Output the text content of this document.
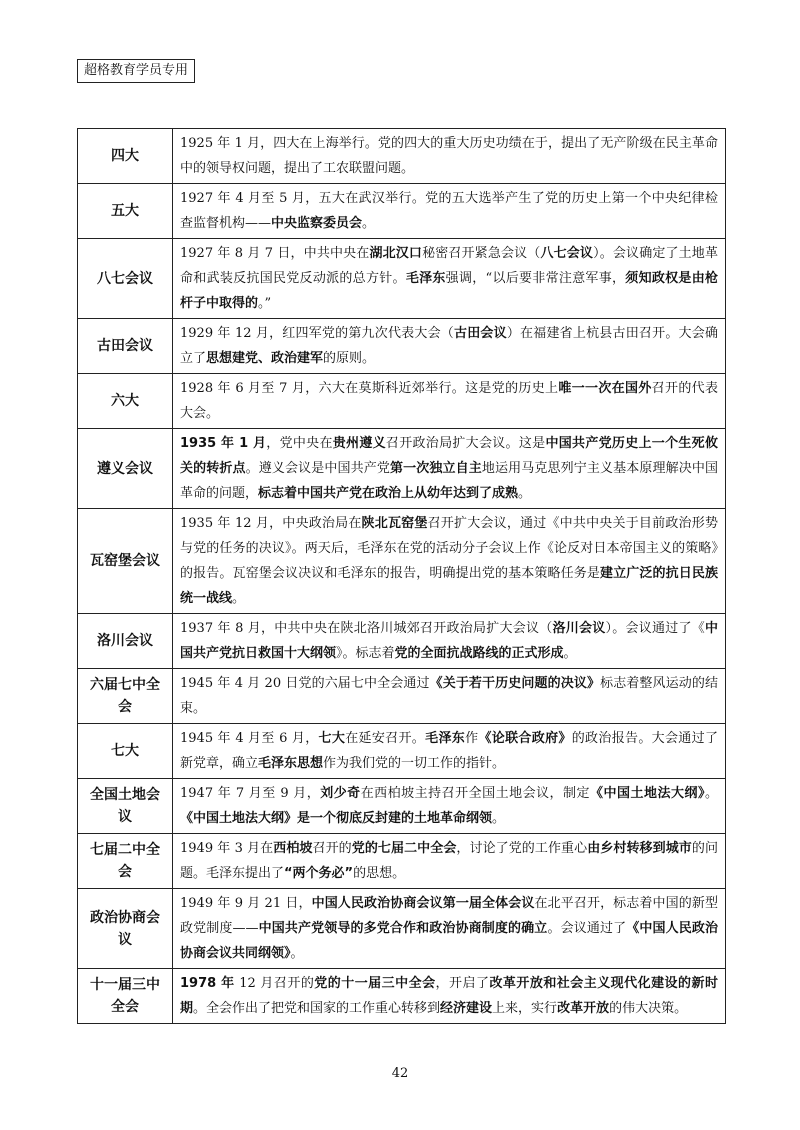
超格教育学员专用
四大	1925 年 1 月，四大在上海举行。党的四大的重大历史功绩在于，提出了无产阶级在民主革命中的领导权问题，提出了工农联盟问题。
五大	1927 年 4 月至 5 月，五大在武汉举行。党的五大选举产生了党的历史上第一个中央纪律检查监督机构——中央监察委员会。
八七会议	1927 年 8 月 7 日，中共中央在湖北汉口秘密召开紧急会议（八七会议）。会议确定了土地革命和武装反抗国民党反动派的总方针。毛泽东强调，“以后要非常注意军事，须知政权是由枪杆子中取得的。”
古田会议	1929 年 12 月，红四军党的第九次代表大会（古田会议）在福建省上杭县古田召开。大会确立了思想建党、政治建军的原则。
六大	1928 年 6 月至 7 月，六大在莫斯科近郊举行。这是党的历史上唯一一次在国外召开的代表大会。
遵义会议	1935 年 1 月，党中央在贵州遵义召开政治局扩大会议。这是中国共产党历史上一个生死攸关的转折点。遵义会议是中国共产党第一次独立自主地运用马克思列宁主义基本原理解决中国革命的问题，标志着中国共产党在政治上从幼年达到了成熟。
瓦窑堡会议	1935 年 12 月，中央政治局在陕北瓦窑堡召开扩大会议，通过《中共中央关于目前政治形势与党的任务的决议》。两天后，毛泽东在党的活动分子会议上作《论反对日本帝国主义的策略》的报告。瓦窑堡会议决议和毛泽东的报告，明确提出党的基本策略任务是建立广泛的抗日民族统一战线。
洛川会议	1937 年 8 月，中共中央在陕北洛川城郊召开政治局扩大会议（洛川会议）。会议通过了《中国共产党抗日救国十大纲领》。标志着党的全面抗战路线的正式形成。
六届七中全会	1945 年 4 月 20 日党的六届七中全会通过《关于若干历史问题的决议》标志着整风运动的结束。
七大	1945 年 4 月至 6 月，七大在延安召开。毛泽东作《论联合政府》的政治报告。大会通过了新党章，确立毛泽东思想作为我们党的一切工作的指针。
全国土地会议	1947 年 7 月至 9 月，刘少奇在西柏坡主持召开全国土地会议，制定《中国土地法大纲》。《中国土地法大纲》是一个彻底反封建的土地革命纲领。
七届二中全会	1949 年 3 月在西柏坡召开的党的七届二中全会，讨论了党的工作重心由乡村转移到城市的问题。毛泽东提出了“两个务必”的思想。
政治协商会议	1949 年 9 月 21 日，中国人民政治协商会议第一届全体会议在北平召开，标志着中国的新型政党制度——中国共产党领导的多党合作和政治协商制度的确立。会议通过了《中国人民政治协商会议共同纲领》。
十一届三中全会	1978 年 12 月召开的党的十一届三中全会，开启了改革开放和社会主义现代化建设的新时期。全会作出了把党和国家的工作重心转移到经济建设上来，实行改革开放的伟大决策。
42
